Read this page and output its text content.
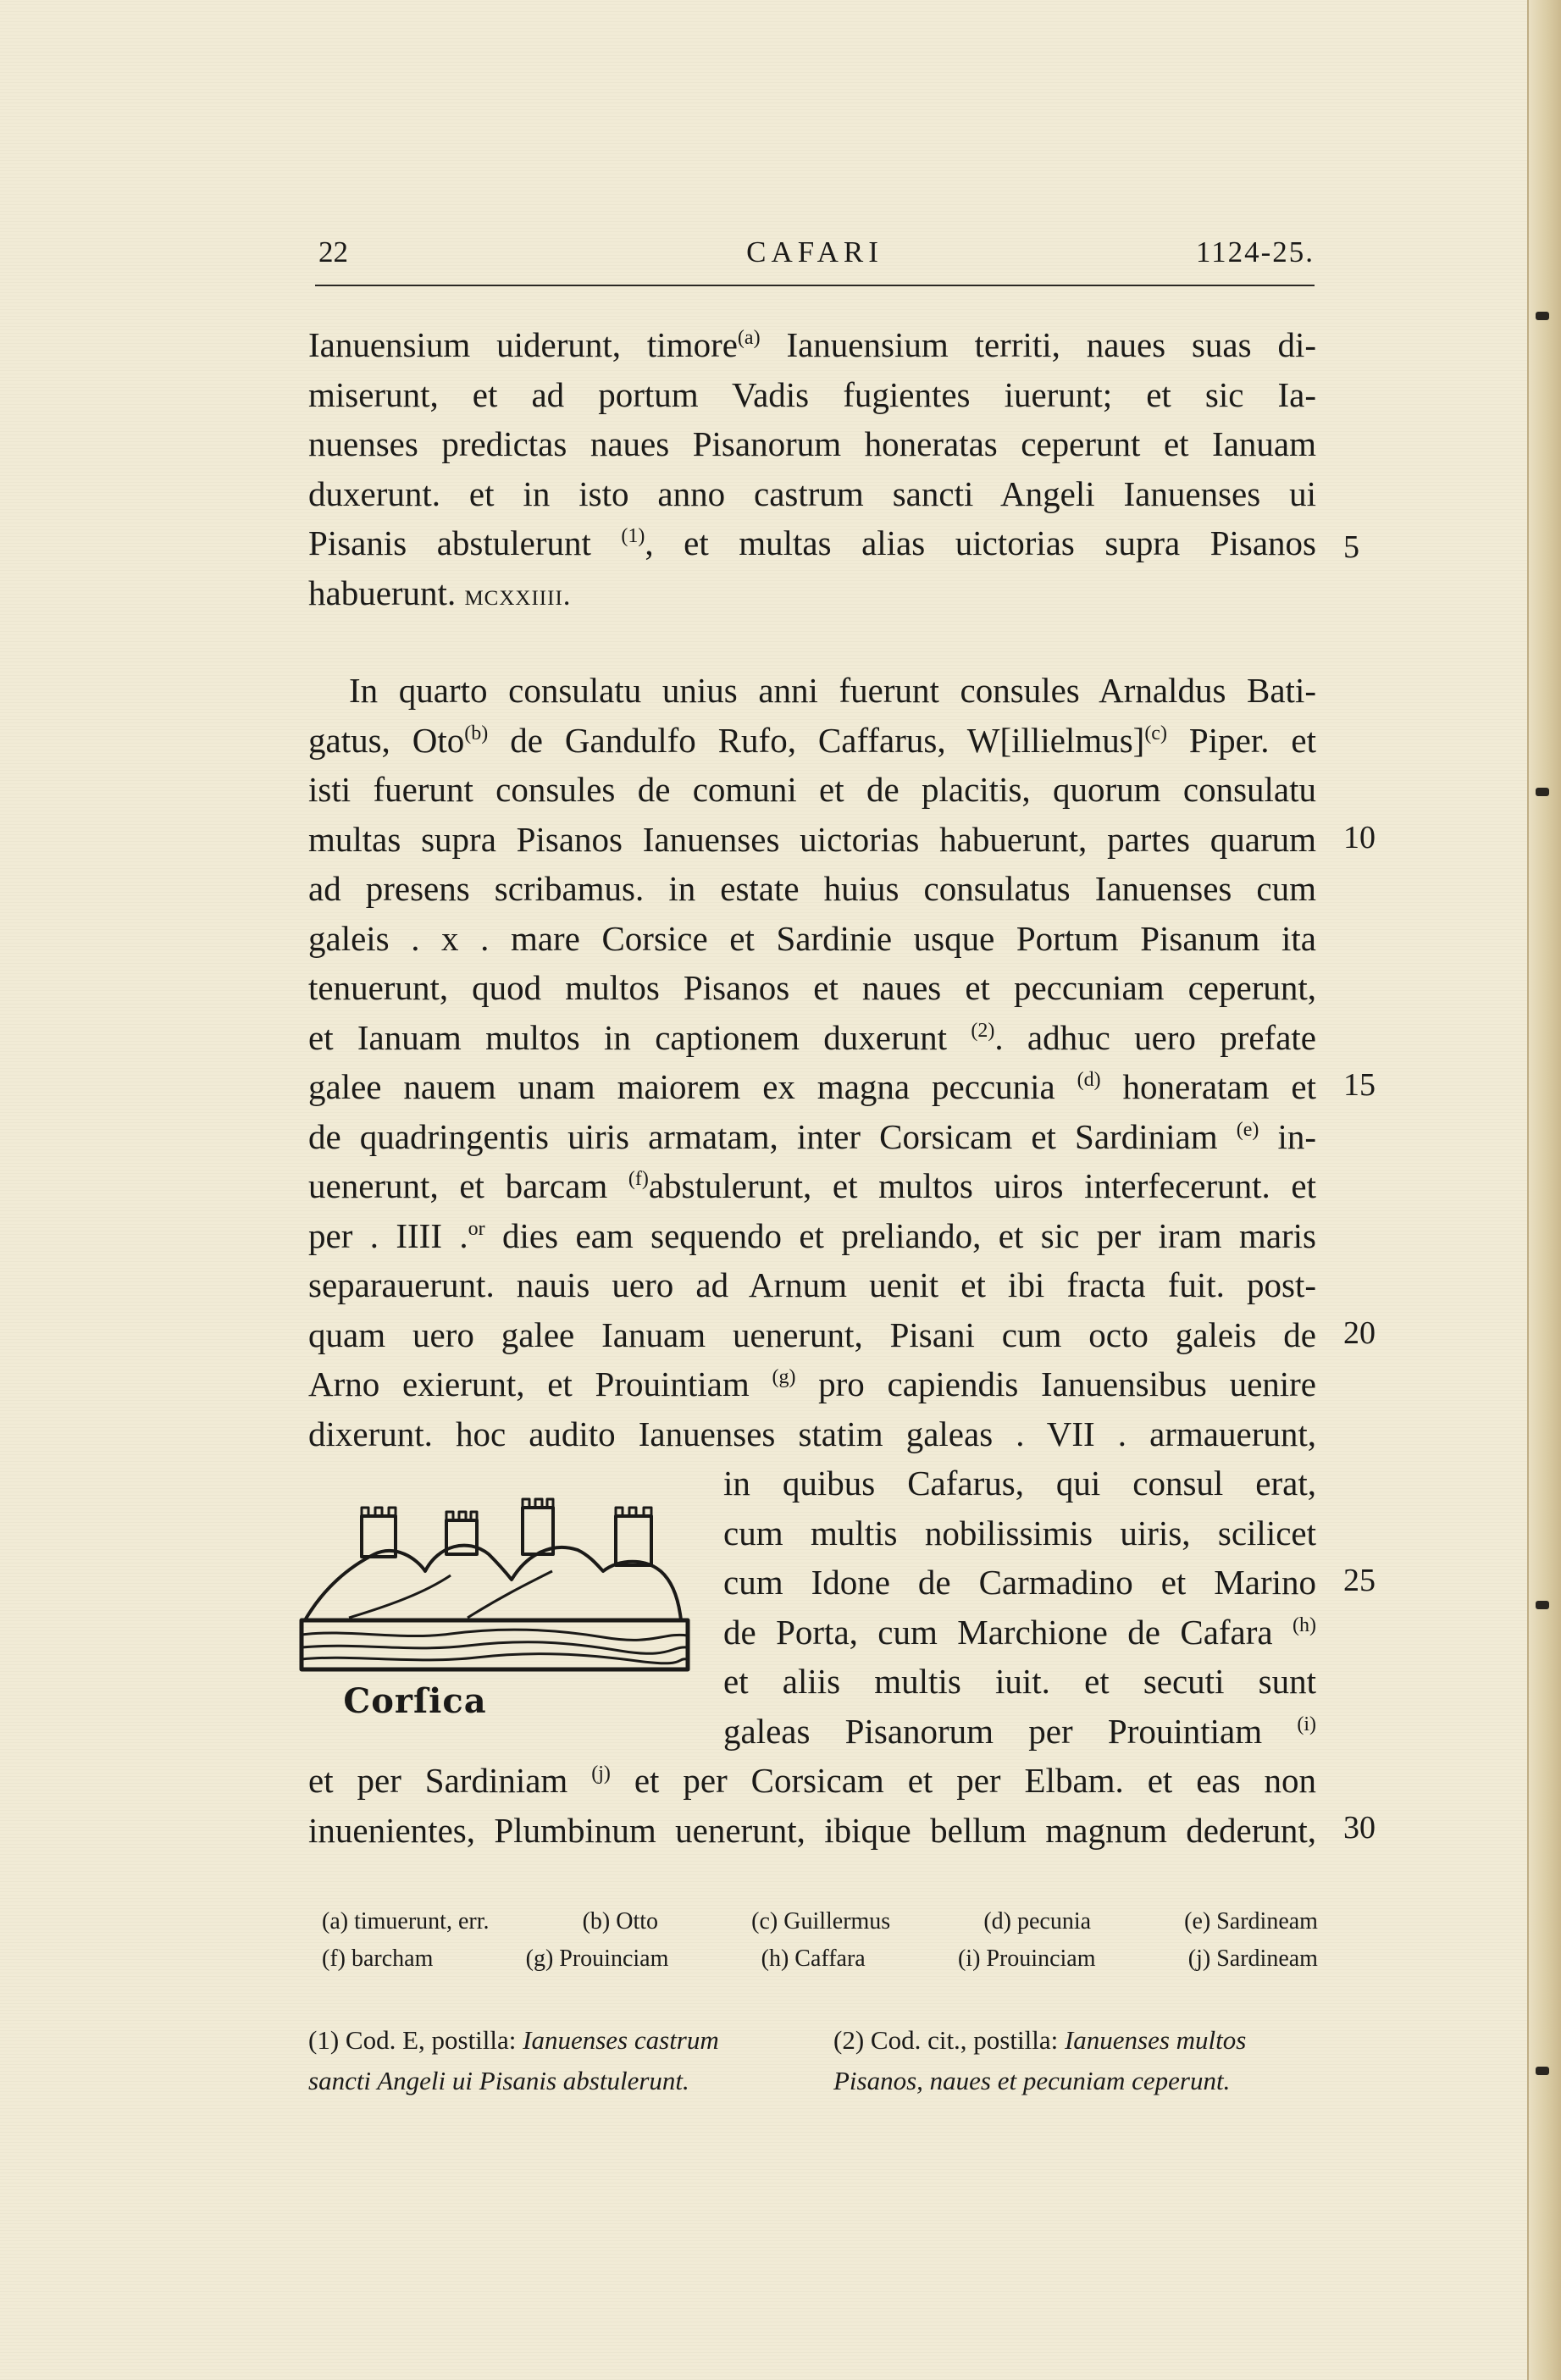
22	CAFARI	1124-25.
Ianuensium uiderunt, timore$^{(a)}$ Ianuensium territi, naues suas di-
miserunt, et ad portum Vadis fugientes iuerunt; et sic Ia-
nuenses predictas naues Pisanorum honeratas ceperunt et Ianuam
duxerunt. et in isto anno castrum sancti Angeli Ianuenses ui
Pisanis abstulerunt $^{(1)}$, et multas alias uictorias supra Pisanos
habuerunt. mcxxiiii.
In quarto consulatu unius anni fuerunt consules Arnaldus Bati-
gatus, Oto$^{(b)}$ de Gandulfo Rufo, Caffarus, W[illielmus]$^{(c)}$ Piper. et
isti fuerunt consules de comuni et de placitis, quorum consulatu
multas supra Pisanos Ianuenses uictorias habuerunt, partes quarum
ad presens scribamus. in estate huius consulatus Ianuenses cum
galeis . x . mare Corsice et Sardinie usque Portum Pisanum ita
tenuerunt, quod multos Pisanos et naues et peccuniam ceperunt,
et Ianuam multos in captionem duxerunt $^{(2)}$. adhuc uero prefate
galee nauem unam maiorem ex magna peccunia $^{(d)}$ honeratam et
de quadringentis uiris armatam, inter Corsicam et Sardiniam $^{(e)}$ in-
uenerunt, et barcam $^{(f)}$abstulerunt, et multos uiros interfecerunt. et
per . IIII .$^{or}$ dies eam sequendo et preliando, et sic per iram maris
separauerunt. nauis uero ad Arnum uenit et ibi fracta fuit. post-
quam uero galee Ianuam uenerunt, Pisani cum octo galeis de
Arno exierunt, et Prouintiam $^{(g)}$ pro capiendis Ianuensibus uenire
dixerunt. hoc audito Ianuenses statim galeas . VII . armauerunt,
in quibus Cafarus, qui consul erat,
cum multis nobilissimis uiris, scilicet
cum Idone de Carmadino et Marino
de Porta, cum Marchione de Cafara $^{(h)}$
et aliis multis iuit. et secuti sunt
galeas Pisanorum per Prouintiam $^{(i)}$
et per Sardiniam $^{(j)}$ et per Corsicam et per Elbam. et eas non
inuenientes, Plumbinum uenerunt, ibique bellum magnum dederunt,
5
10
15
20
25
30
Corſica
(a) timuerunt, err.	(b) Otto	(c) Guillermus	(d) pecunia	(e) Sardineam
(f) barcham	(g) Prouinciam	(h) Caffara	(i) Prouinciam	(j) Sardineam
(1) Cod. E, postilla: Ianuenses castrum
sancti Angeli ui Pisanis abstulerunt.
(2) Cod. cit., postilla: Ianuenses multos
Pisanos, naues et pecuniam ceperunt.
